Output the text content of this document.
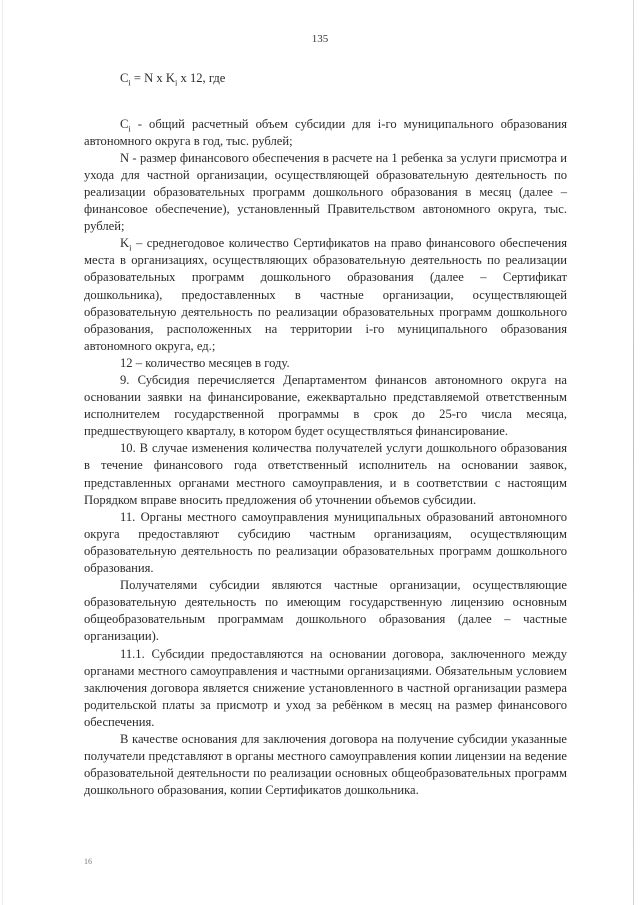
135
$C_i = N$ x $K_i$ x 12, где

$C_i$ - общий расчетный объем субсидии для i-го муниципального образования автономного округа в год, тыс. рублей;

N - размер финансового обеспечения в расчете на 1 ребенка за услуги присмотра и ухода для частной организации, осуществляющей образовательную деятельность по реализации образовательных программ дошкольного образования в месяц (далее – финансовое обеспечение), установленный Правительством автономного округа, тыс. рублей;

$K_i$ – среднегодовое количество Сертификатов на право финансового обеспечения места в организациях, осуществляющих образовательную деятельность по реализации образовательных программ дошкольного образования (далее – Сертификат дошкольника), предоставленных в частные организации, осуществляющей образовательную деятельность по реализации образовательных программ дошкольного образования, расположенных на территории i-го муниципального образования автономного округа, ед.;

12 – количество месяцев в году.

9. Субсидия перечисляется Департаментом финансов автономного округа на основании заявки на финансирование, ежеквартально представляемой ответственным исполнителем государственной программы в срок до 25-го числа месяца, предшествующего кварталу, в котором будет осуществляться финансирование.

10. В случае изменения количества получателей услуги дошкольного образования в течение финансового года ответственный исполнитель на основании заявок, представленных органами местного самоуправления, и в соответствии с настоящим Порядком вправе вносить предложения об уточнении объемов субсидии.

11. Органы местного самоуправления муниципальных образований автономного округа предоставляют субсидию частным организациям, осуществляющим образовательную деятельность по реализации образовательных программ дошкольного образования.

Получателями субсидии являются частные организации, осуществляющие образовательную деятельность по имеющим государственную лицензию основным общеобразовательным программам дошкольного образования (далее – частные организации).

11.1. Субсидии предоставляются на основании договора, заключенного между органами местного самоуправления и частными организациями. Обязательным условием заключения договора является снижение установленного в частной организации размера родительской платы за присмотр и уход за ребёнком в месяц на размер финансового обеспечения.

В качестве основания для заключения договора на получение субсидии указанные получатели представляют в органы местного самоуправления копии лицензии на ведение образовательной деятельности по реализации основных общеобразовательных программ дошкольного образования, копии Сертификатов дошкольника.

16
